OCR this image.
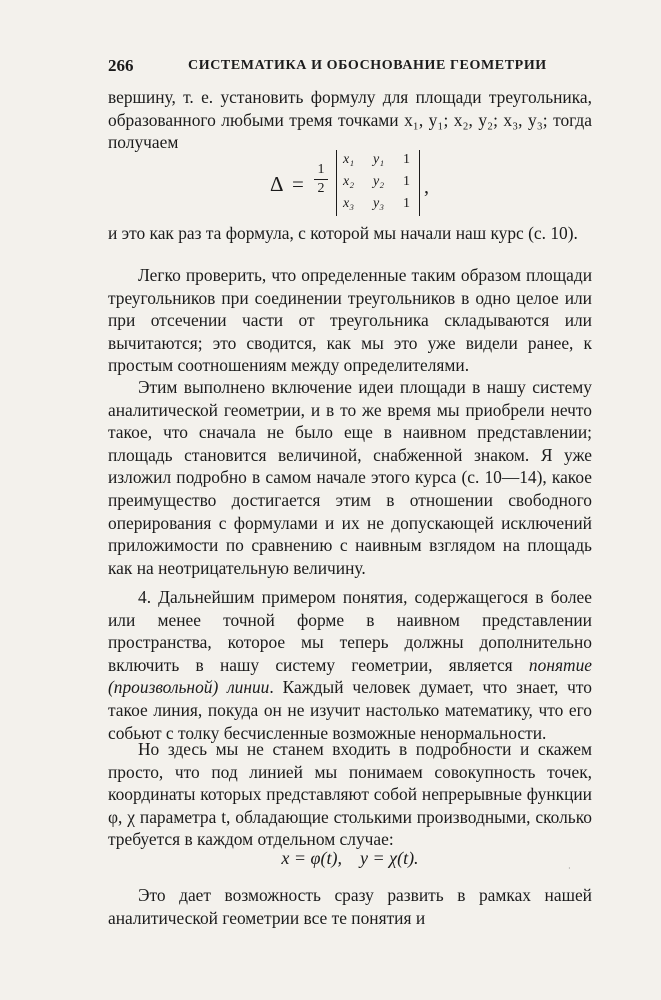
266	СИСТЕМАТИКА И ОБОСНОВАНИЕ ГЕОМЕТРИИ

вершину, т. е. установить формулу для площади треугольника, образованного любыми тремя точками x₁, y₁; x₂, y₂; x₃, y₃; тогда получаем

Δ =
1
2
x₁ y₁ 1
x₂ y₂ 1
x₃ y₃ 1
,

и это как раз та формула, с которой мы начали наш курс (с. 10).

Легко проверить, что определенные таким образом площади треугольников при соединении треугольников в одно целое или при отсечении части от треугольника складываются или вычитаются; это сводится, как мы это уже видели ранее, к простым соотношениям между определителями.

Этим выполнено включение идеи площади в нашу систему аналитической геометрии, и в то же время мы приобрели нечто такое, что сначала не было еще в наивном представлении; площадь становится величиной, снабженной знаком. Я уже изложил подробно в самом начале этого курса (с. 10—14), какое преимущество достигается этим в отношении свободного оперирования с формулами и их не допускающей исключений приложимости по сравнению с наивным взглядом на площадь как на неотрицательную величину.

4. Дальнейшим примером понятия, содержащегося в более или менее точной форме в наивном представлении пространства, которое мы теперь должны дополнительно включить в нашу систему геометрии, является понятие (произвольной) линии. Каждый человек думает, что знает, что такое линия, покуда он не изучит настолько математику, что его собьют с толку бесчисленные возможные ненормальности.

Но здесь мы не станем входить в подробности и скажем просто, что под линией мы понимаем совокупность точек, координаты которых представляют собой непрерывные функции φ, χ параметра t, обладающие столькими производными, сколько требуется в каждом отдельном случае:

x = φ(t), y = χ(t).
·

Это дает возможность сразу развить в рамках нашей аналитической геометрии все те понятия и
